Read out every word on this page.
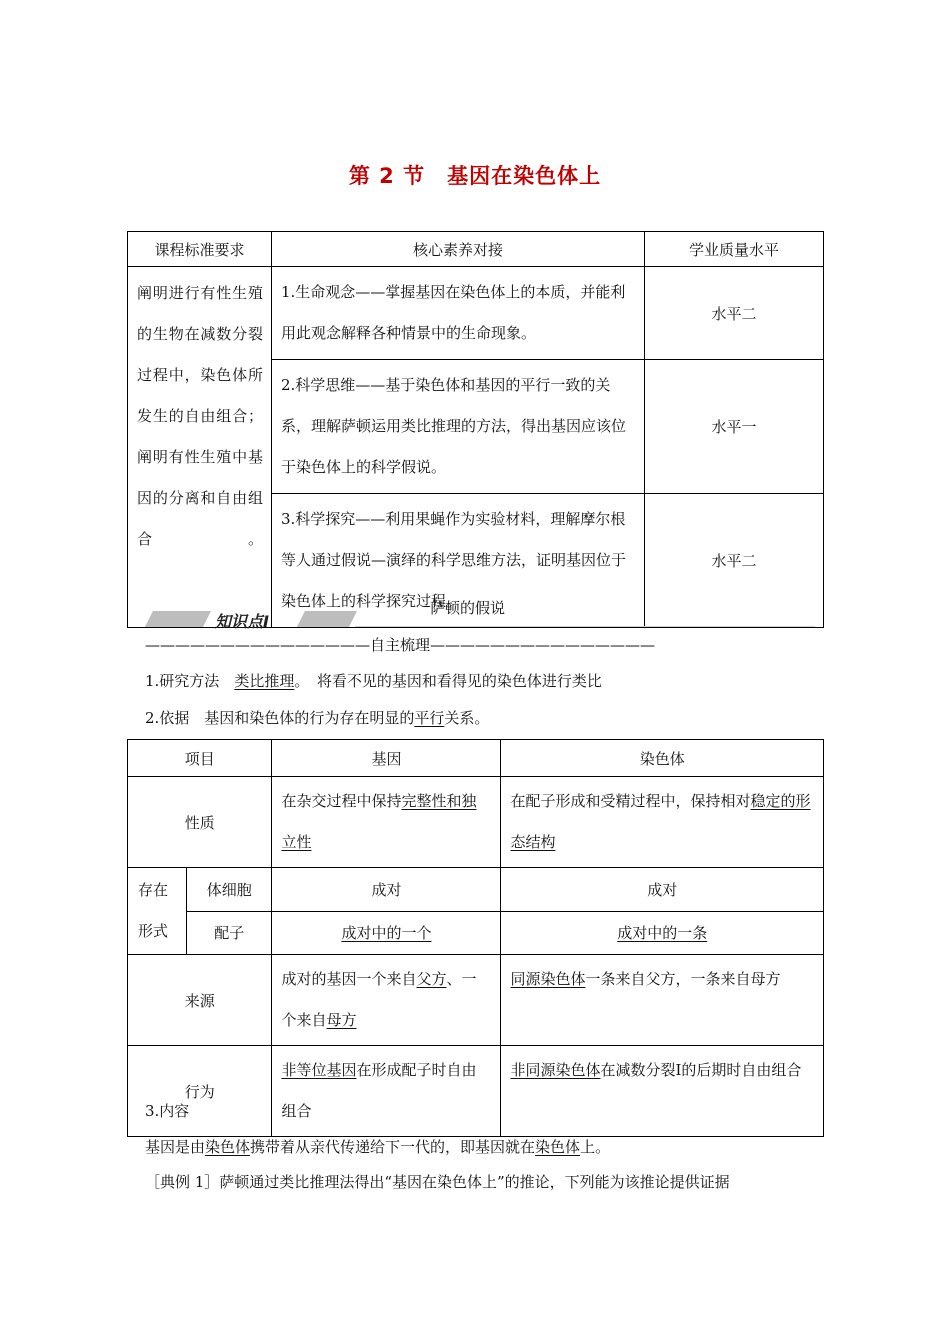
第 2 节　基因在染色体上
课程标准要求	核心素养对接	学业质量水平

阐明进行有性生殖的生物在减数分裂过程中，染色体所发生的自由组合；阐明有性生殖中基因的分离和自由组合。	1.生命观念——掌握基因在染色体上的本质，并能利用此观念解释各种情景中的生命现象。	水平二

	2.科学思维——基于染色体和基因的平行一致的关系，理解萨顿运用类比推理的方法，得出基因应该位于染色体上的科学假说。	水平一

	3.科学探究——利用果蝇作为实验材料，理解摩尔根等人通过假说—演绎的科学思维方法，证明基因位于染色体上的科学探究过程。	水平二
知识点Ⅰ
萨顿的假说
———————————————自主梳理———————————————
1.研究方法　类比推理。　将看不见的基因和看得见的染色体进行类比
2.依据　基因和染色体的行为存在明显的平行关系。
项目		基因	染色体
性质		在杂交过程中保持完整性和独立性	在配子形成和受精过程中，保持相对稳定的形态结构

存在形式	体细胞	成对	成对
	配子	成对中的一个	成对中的一条
来源		成对的基因一个来自父方、一个来自母方	同源染色体一条来自父方，一条来自母方

行为		非等位基因在形成配子时自由组合	非同源染色体在减数分裂Ⅰ的后期时自由组合
3.内容
基因是由染色体携带着从亲代传递给下一代的，即基因就在染色体上。
［典例 1］萨顿通过类比推理法得出“基因在染色体上”的推论，下列能为该推论提供证据
